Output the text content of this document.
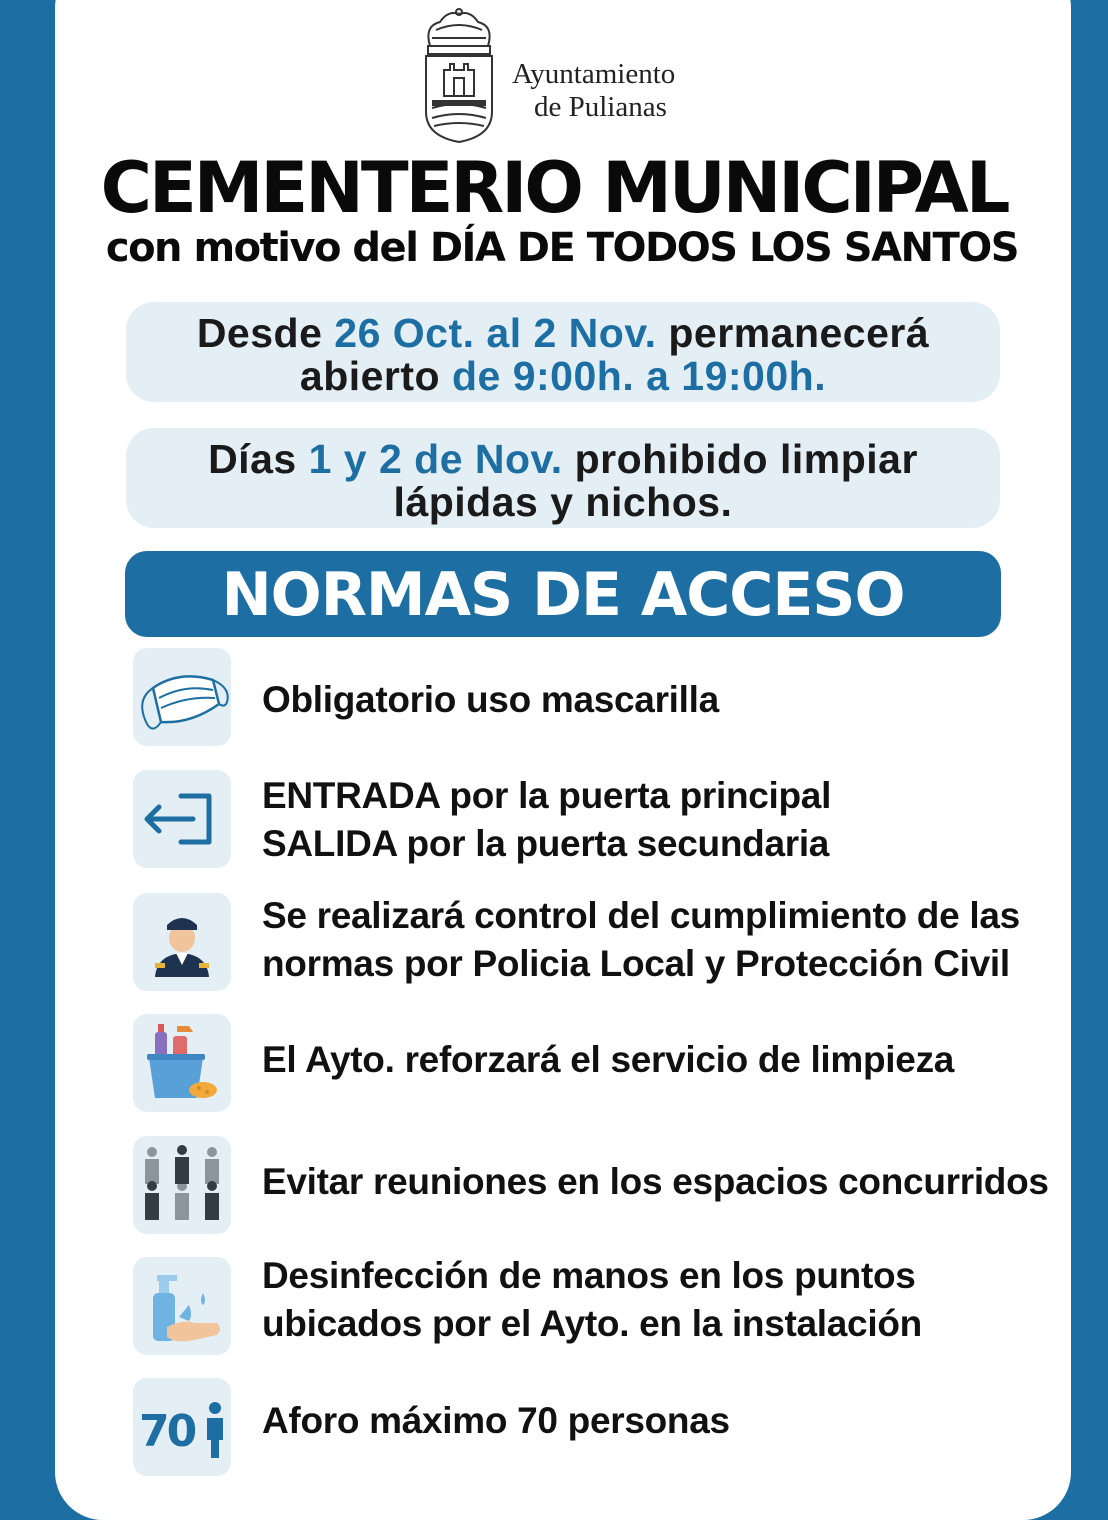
Ayuntamiento
de Pulianas
CEMENTERIO MUNICIPAL
con motivo del DÍA DE TODOS LOS SANTOS
Desde 26 Oct. al 2 Nov. permanecerá
abierto de 9:00h. a 19:00h.
Días 1 y 2 de Nov. prohibido limpiar
lápidas y nichos.
NORMAS DE ACCESO
Obligatorio uso mascarilla
ENTRADA por la puerta principal
SALIDA por la puerta secundaria
Se realizará control del cumplimiento de las
normas por Policia Local y Protección Civil
El Ayto. reforzará el servicio de limpieza
Evitar reuniones en los espacios concurridos
Desinfección de manos en los puntos
ubicados por el Ayto. en la instalación
70 Aforo máximo 70 personas
